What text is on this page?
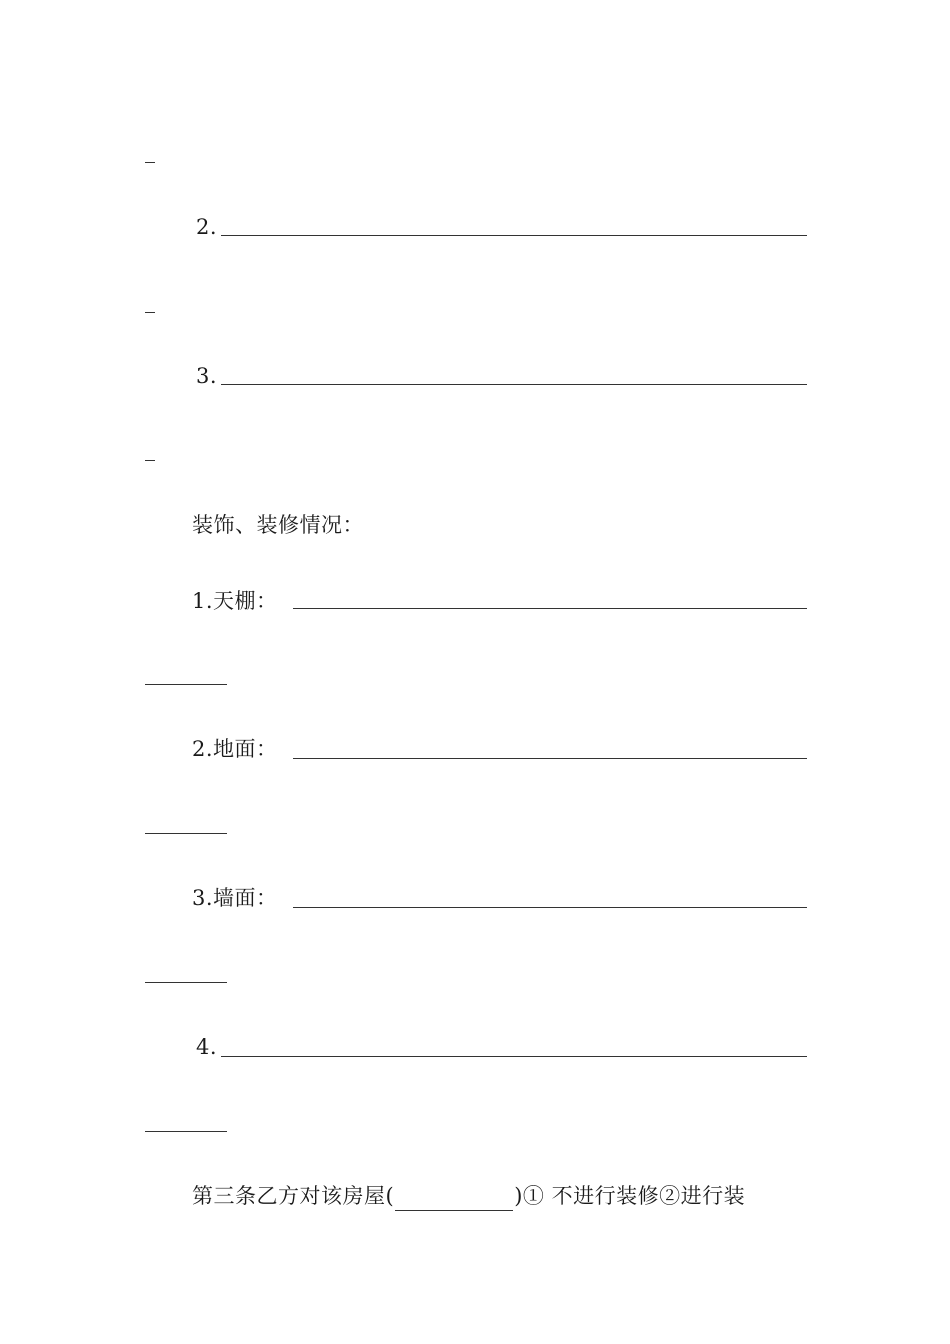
2.
3.
装饰、装修情况：
1.天棚：
2.地面：
3.墙面：
4.
第三条乙方对该房屋(	)① 不进行装修②进行装
